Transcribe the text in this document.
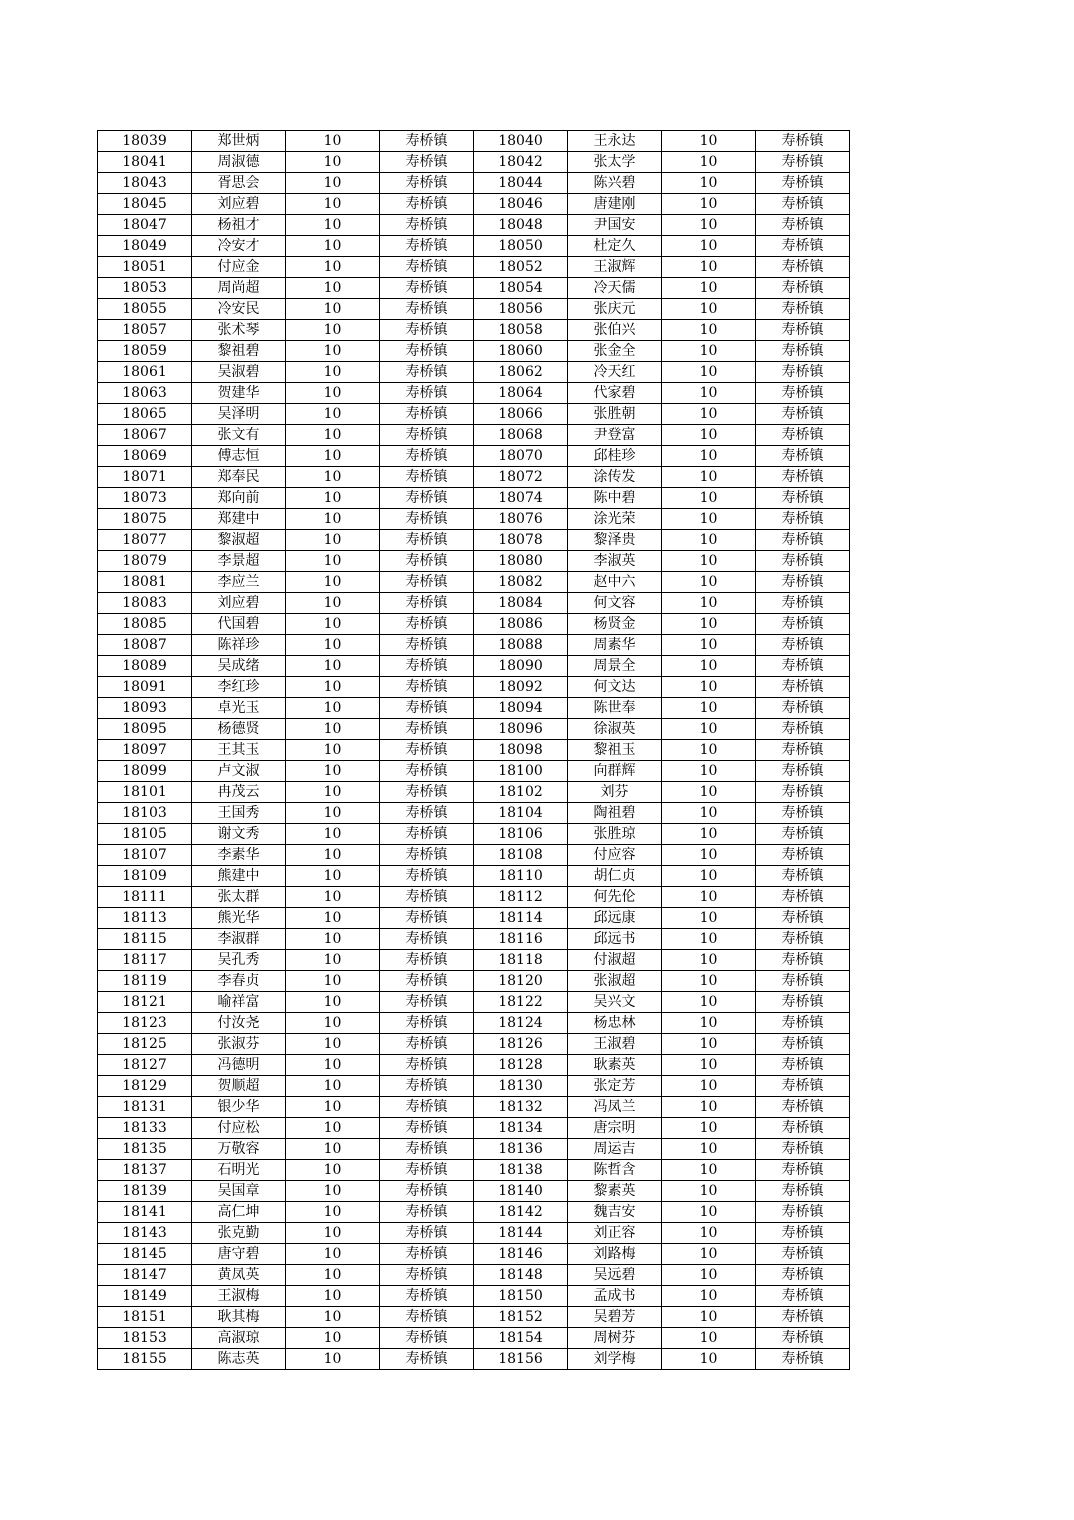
18039	郑世炳	10	寿桥镇	18040	王永达	10	寿桥镇
18041	周淑德	10	寿桥镇	18042	张太学	10	寿桥镇
18043	胥思会	10	寿桥镇	18044	陈兴碧	10	寿桥镇
18045	刘应碧	10	寿桥镇	18046	唐建刚	10	寿桥镇
18047	杨祖才	10	寿桥镇	18048	尹国安	10	寿桥镇
18049	冷安才	10	寿桥镇	18050	杜定久	10	寿桥镇
18051	付应金	10	寿桥镇	18052	王淑辉	10	寿桥镇
18053	周尚超	10	寿桥镇	18054	冷天儒	10	寿桥镇
18055	冷安民	10	寿桥镇	18056	张庆元	10	寿桥镇
18057	张术琴	10	寿桥镇	18058	张伯兴	10	寿桥镇
18059	黎祖碧	10	寿桥镇	18060	张金全	10	寿桥镇
18061	吴淑碧	10	寿桥镇	18062	冷天红	10	寿桥镇
18063	贺建华	10	寿桥镇	18064	代家碧	10	寿桥镇
18065	吴泽明	10	寿桥镇	18066	张胜朝	10	寿桥镇
18067	张文有	10	寿桥镇	18068	尹登富	10	寿桥镇
18069	傅志恒	10	寿桥镇	18070	邱桂珍	10	寿桥镇
18071	郑奉民	10	寿桥镇	18072	涂传发	10	寿桥镇
18073	郑向前	10	寿桥镇	18074	陈中碧	10	寿桥镇
18075	郑建中	10	寿桥镇	18076	涂光荣	10	寿桥镇
18077	黎淑超	10	寿桥镇	18078	黎泽贵	10	寿桥镇
18079	李景超	10	寿桥镇	18080	李淑英	10	寿桥镇
18081	李应兰	10	寿桥镇	18082	赵中六	10	寿桥镇
18083	刘应碧	10	寿桥镇	18084	何文容	10	寿桥镇
18085	代国碧	10	寿桥镇	18086	杨贤金	10	寿桥镇
18087	陈祥珍	10	寿桥镇	18088	周素华	10	寿桥镇
18089	吴成绪	10	寿桥镇	18090	周景全	10	寿桥镇
18091	李红珍	10	寿桥镇	18092	何文达	10	寿桥镇
18093	卓光玉	10	寿桥镇	18094	陈世奉	10	寿桥镇
18095	杨德贤	10	寿桥镇	18096	徐淑英	10	寿桥镇
18097	王其玉	10	寿桥镇	18098	黎祖玉	10	寿桥镇
18099	卢文淑	10	寿桥镇	18100	向群辉	10	寿桥镇
18101	冉茂云	10	寿桥镇	18102	刘芬	10	寿桥镇
18103	王国秀	10	寿桥镇	18104	陶祖碧	10	寿桥镇
18105	谢文秀	10	寿桥镇	18106	张胜琼	10	寿桥镇
18107	李素华	10	寿桥镇	18108	付应容	10	寿桥镇
18109	熊建中	10	寿桥镇	18110	胡仁贞	10	寿桥镇
18111	张太群	10	寿桥镇	18112	何先伦	10	寿桥镇
18113	熊光华	10	寿桥镇	18114	邱远康	10	寿桥镇
18115	李淑群	10	寿桥镇	18116	邱远书	10	寿桥镇
18117	吴孔秀	10	寿桥镇	18118	付淑超	10	寿桥镇
18119	李春贞	10	寿桥镇	18120	张淑超	10	寿桥镇
18121	喻祥富	10	寿桥镇	18122	吴兴文	10	寿桥镇
18123	付汝尧	10	寿桥镇	18124	杨忠林	10	寿桥镇
18125	张淑芬	10	寿桥镇	18126	王淑碧	10	寿桥镇
18127	冯德明	10	寿桥镇	18128	耿素英	10	寿桥镇
18129	贺顺超	10	寿桥镇	18130	张定芳	10	寿桥镇
18131	银少华	10	寿桥镇	18132	冯凤兰	10	寿桥镇
18133	付应松	10	寿桥镇	18134	唐宗明	10	寿桥镇
18135	万敬容	10	寿桥镇	18136	周运吉	10	寿桥镇
18137	石明光	10	寿桥镇	18138	陈哲含	10	寿桥镇
18139	吴国章	10	寿桥镇	18140	黎素英	10	寿桥镇
18141	高仁坤	10	寿桥镇	18142	魏吉安	10	寿桥镇
18143	张克勤	10	寿桥镇	18144	刘正容	10	寿桥镇
18145	唐守碧	10	寿桥镇	18146	刘路梅	10	寿桥镇
18147	黄凤英	10	寿桥镇	18148	吴远碧	10	寿桥镇
18149	王淑梅	10	寿桥镇	18150	孟成书	10	寿桥镇
18151	耿其梅	10	寿桥镇	18152	吴碧芳	10	寿桥镇
18153	高淑琼	10	寿桥镇	18154	周树芬	10	寿桥镇
18155	陈志英	10	寿桥镇	18156	刘学梅	10	寿桥镇
